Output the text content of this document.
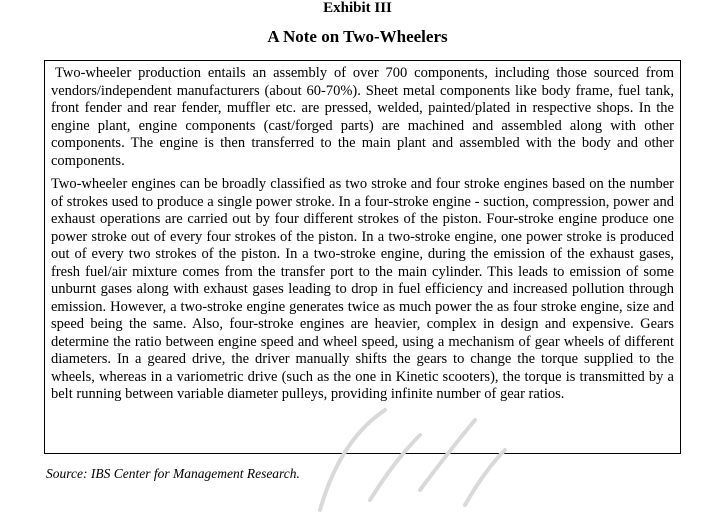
Exhibit III
A Note on Two-Wheelers

Two-wheeler production entails an assembly of over 700 components, including those sourced from vendors/independent manufacturers (about 60-70%). Sheet metal components like body frame, fuel tank, front fender and rear fender, muffler etc. are pressed, welded, painted/plated in respective shops. In the engine plant, engine components (cast/forged parts) are machined and assembled along with other components. The engine is then transferred to the main plant and assembled with the body and other components.

Two-wheeler engines can be broadly classified as two stroke and four stroke engines based on the number of strokes used to produce a single power stroke. In a four-stroke engine - suction, compression, power and exhaust operations are carried out by four different strokes of the piston. Four-stroke engine produce one power stroke out of every four strokes of the piston. In a two-stroke engine, one power stroke is produced out of every two strokes of the piston. In a two-stroke engine, during the emission of the exhaust gases, fresh fuel/air mixture comes from the transfer port to the main cylinder. This leads to emission of some unburnt gases along with exhaust gases leading to drop in fuel efficiency and increased pollution through emission. However, a two-stroke engine generates twice as much power the as four stroke engine, size and speed being the same. Also, four-stroke engines are heavier, complex in design and expensive. Gears determine the ratio between engine speed and wheel speed, using a mechanism of gear wheels of different diameters. In a geared drive, the driver manually shifts the gears to change the torque supplied to the wheels, whereas in a variometric drive (such as the one in Kinetic scooters), the torque is transmitted by a belt running between variable diameter pulleys, providing infinite number of gear ratios.

Source: IBS Center for Management Research.
